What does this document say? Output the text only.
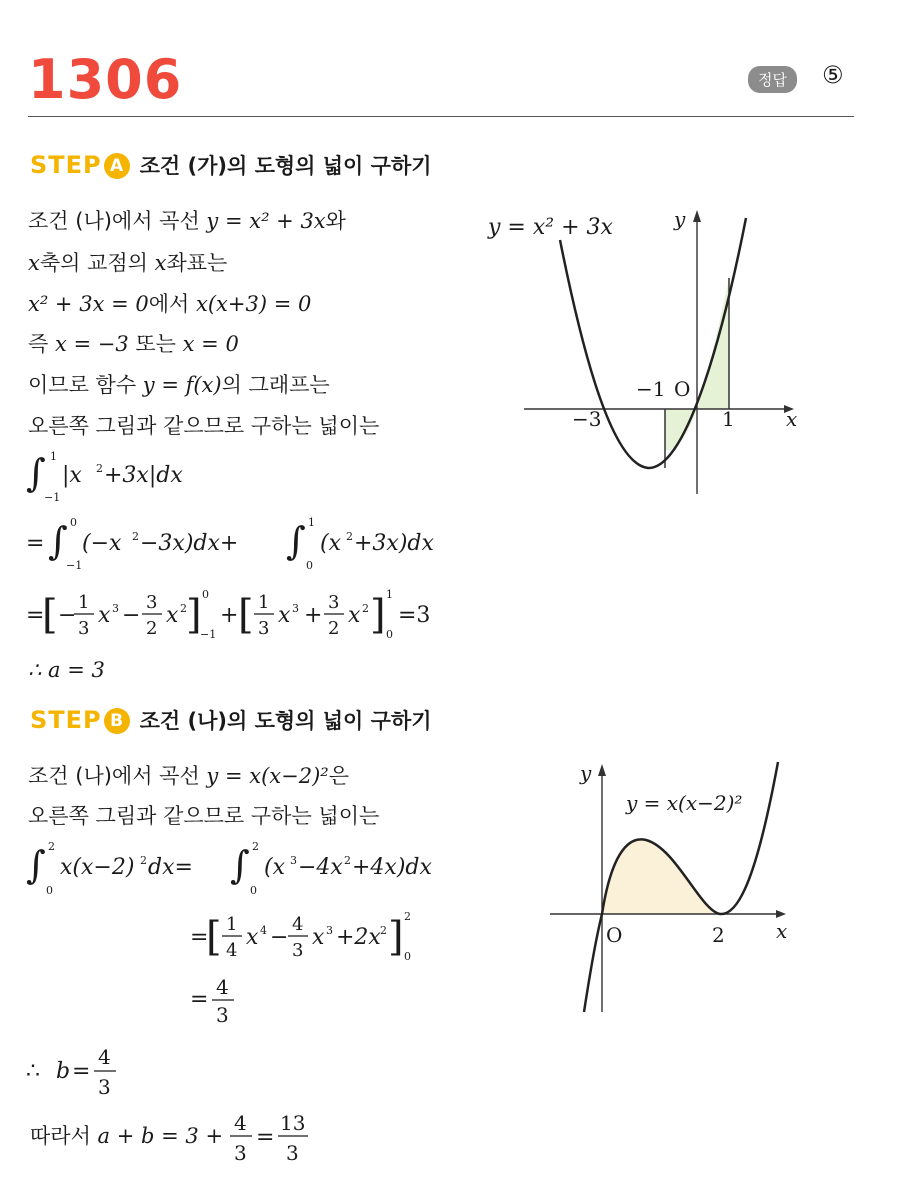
1306	정답	⑤
STEP A 조건 (가)의 도형의 넓이 구하기
조건 (나)에서 곡선 y = x² + 3x와
x축의 교점의 x좌표는
x² + 3x = 0에서 x(x+3) = 0
즉 x = −3 또는 x = 0
이므로 함수 y = f(x)의 그래프는
오른쪽 그림과 같으므로 구하는 넓이는
∫ 1
−1
|x 2 +3x|dx
= ∫ 0
−1
(−x 2 −3x)dx+ ∫ 1
0
(x 2 +3x)dx
=
[ −
1
3
x 3 −
3
2
x 2 ] 0
−1
+ [ 1
3
x 3 +
3
2
x 2 ] 1
0
=3
∴ a = 3
y = x² + 3x	y
x
−3
−1 O
1
STEP B 조건 (나)의 도형의 넓이 구하기
조건 (나)에서 곡선 y = x(x−2)²은
오른쪽 그림과 같으므로 구하는 넓이는
∫ 2
0
x(x−2) 2 dx= ∫ 2
0
(x 3 −4x 2 +4x)dx
=
[ 1
4
x 4 −
4
3
x 3 +2x 2 ] 2
0
= 4
3
∴ b =
4
3
따라서 a + b = 3 +
4
3
=
13
3
y
x
y = x(x−2)²
O	2
